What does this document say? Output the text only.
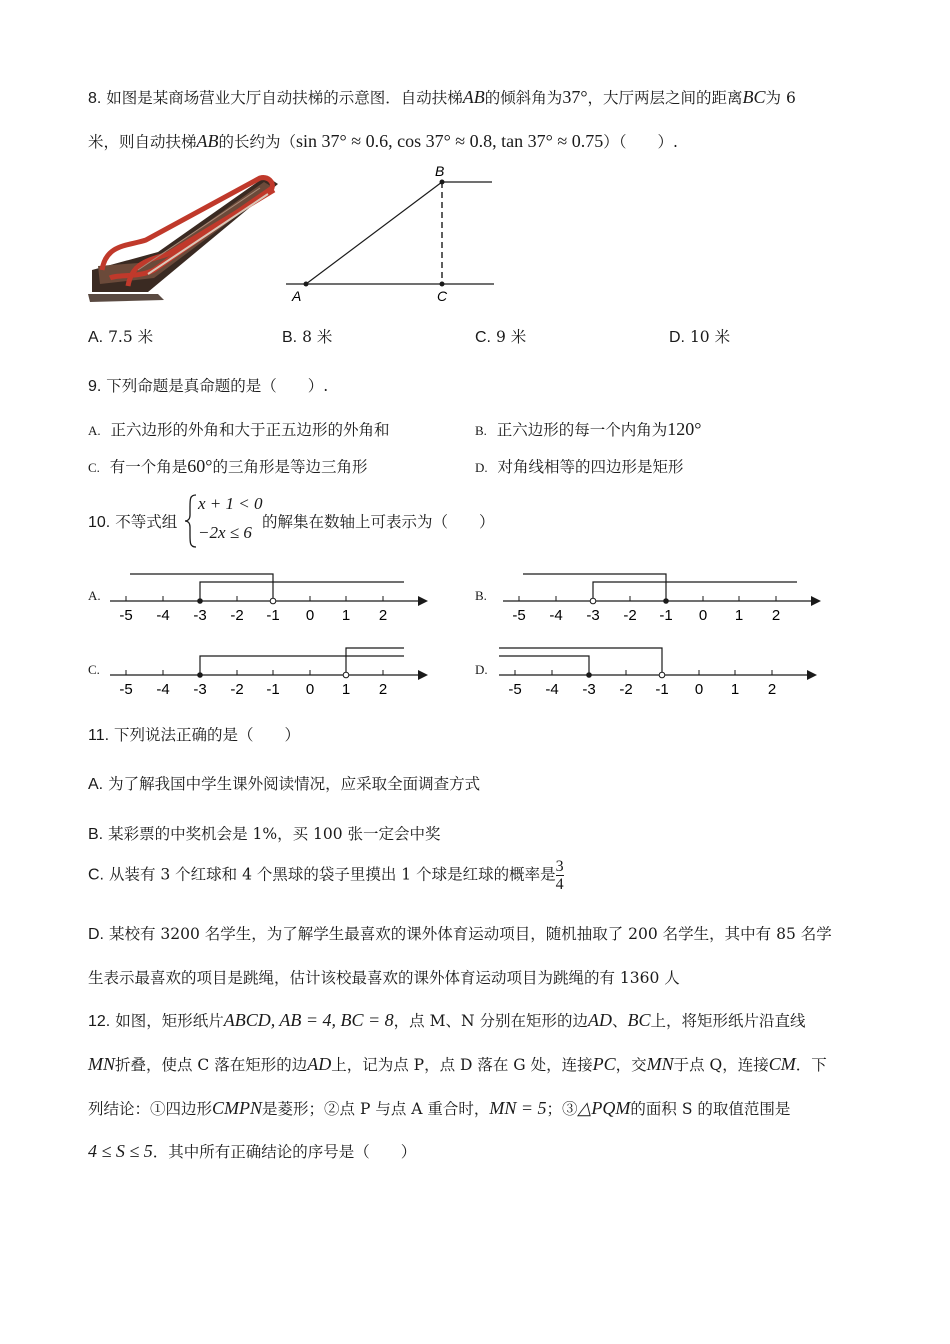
8. 如图是某商场营业大厅自动扶梯的示意图．自动扶梯AB的倾斜角为37°，大厅两层之间的距离BC为 6
米，则自动扶梯AB的长约为（sin 37° ≈ 0.6, cos 37° ≈ 0.8, tan 37° ≈ 0.75）（　　）.
B
A	C
A. 7.5 米	B. 8 米	C. 9 米	D. 10 米
9. 下列命题是真命题的是（　　）.
A. 正六边形的外角和大于正五边形的外角和	B. 正六边形的每一个内角为120°
C. 有一个角是60°的三角形是等边三角形	D. 对角线相等的四边形是矩形
10. 不等式组
x + 1 < 0
−2x ≤ 6
的解集在数轴上可表示为（　　）
A.	B.
C.	D.
-5 -4 -3 -2 -1 0 1 2	-5 -4 -3 -2 -1 0 1 2
-5 -4 -3 -2 -1 0 1 2	-5 -4 -3 -2 -1 0 1 2
11. 下列说法正确的是（　　）
A. 为了解我国中学生课外阅读情况，应采取全面调查方式
B. 某彩票的中奖机会是 1%，买 100 张一定会中奖
C. 从装有 3 个红球和 4 个黑球的袋子里摸出 1 个球是红球的概率是 $\frac{3}{4}$
D. 某校有 3200 名学生，为了解学生最喜欢的课外体育运动项目，随机抽取了 200 名学生，其中有 85 名学
生表示最喜欢的项目是跳绳，估计该校最喜欢的课外体育运动项目为跳绳的有 1360 人
12. 如图，矩形纸片ABCD, AB = 4, BC = 8，点 M、N 分别在矩形的边AD、BC上，将矩形纸片沿直线
MN折叠，使点 C 落在矩形的边AD上，记为点 P，点 D 落在 G 处，连接PC，交MN于点 Q，连接CM．下
列结论：①四边形CMPN是菱形；②点 P 与点 A 重合时，MN = 5；③△PQM的面积 S 的取值范围是
4 ≤ S ≤ 5．其中所有正确结论的序号是（　　）
